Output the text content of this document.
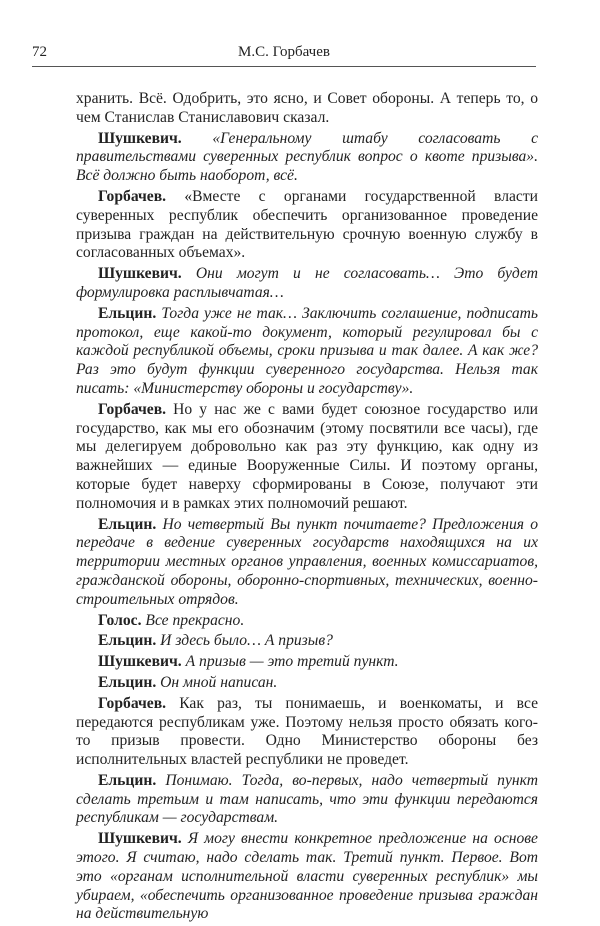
72	М.С. Горбачев

хранить. Всё. Одобрить, это ясно, и Совет обороны. А теперь то, о чем Станислав Станиславович сказал.

Шушкевич. «Генеральному штабу согласовать с правительствами суверенных республик вопрос о квоте призыва». Всё должно быть наоборот, всё.

Горбачев. «Вместе с органами государственной власти суверенных республик обеспечить организованное проведение призыва граждан на действительную срочную военную службу в согласованных объемах».

Шушкевич. Они могут и не согласовать… Это будет формулировка расплывчатая…

Ельцин. Тогда уже не так… Заключить соглашение, подписать протокол, еще какой-то документ, который регулировал бы с каждой республикой объемы, сроки призыва и так далее. А как же? Раз это будут функции суверенного государства. Нельзя так писать: «Министерству обороны и государству».

Горбачев. Но у нас же с вами будет союзное государство или государство, как мы его обозначим (этому посвятили все часы), где мы делегируем добровольно как раз эту функцию, как одну из важнейших — единые Вооруженные Силы. И поэтому органы, которые будет наверху сформированы в Союзе, получают эти полномочия и в рамках этих полномочий решают.

Ельцин. Но четвертый Вы пункт почитаете? Предложения о передаче в ведение суверенных государств находящихся на их территории местных органов управления, военных комиссариатов, гражданской обороны, оборонно-спортивных, технических, военно-строительных отрядов.

Голос. Все прекрасно.

Ельцин. И здесь было… А призыв?

Шушкевич. А призыв — это третий пункт.

Ельцин. Он мной написан.

Горбачев. Как раз, ты понимаешь, и военкоматы, и все передаются республикам уже. Поэтому нельзя просто обязать кого-то призыв провести. Одно Министерство обороны без исполнительных властей республики не проведет.

Ельцин. Понимаю. Тогда, во-первых, надо четвертый пункт сделать третьим и там написать, что эти функции передаются республикам — государствам.

Шушкевич. Я могу внести конкретное предложение на основе этого. Я считаю, надо сделать так. Третий пункт. Первое. Вот это «органам исполнительной власти суверенных республик» мы убираем, «обеспечить организованное проведение призыва граждан на действительную
